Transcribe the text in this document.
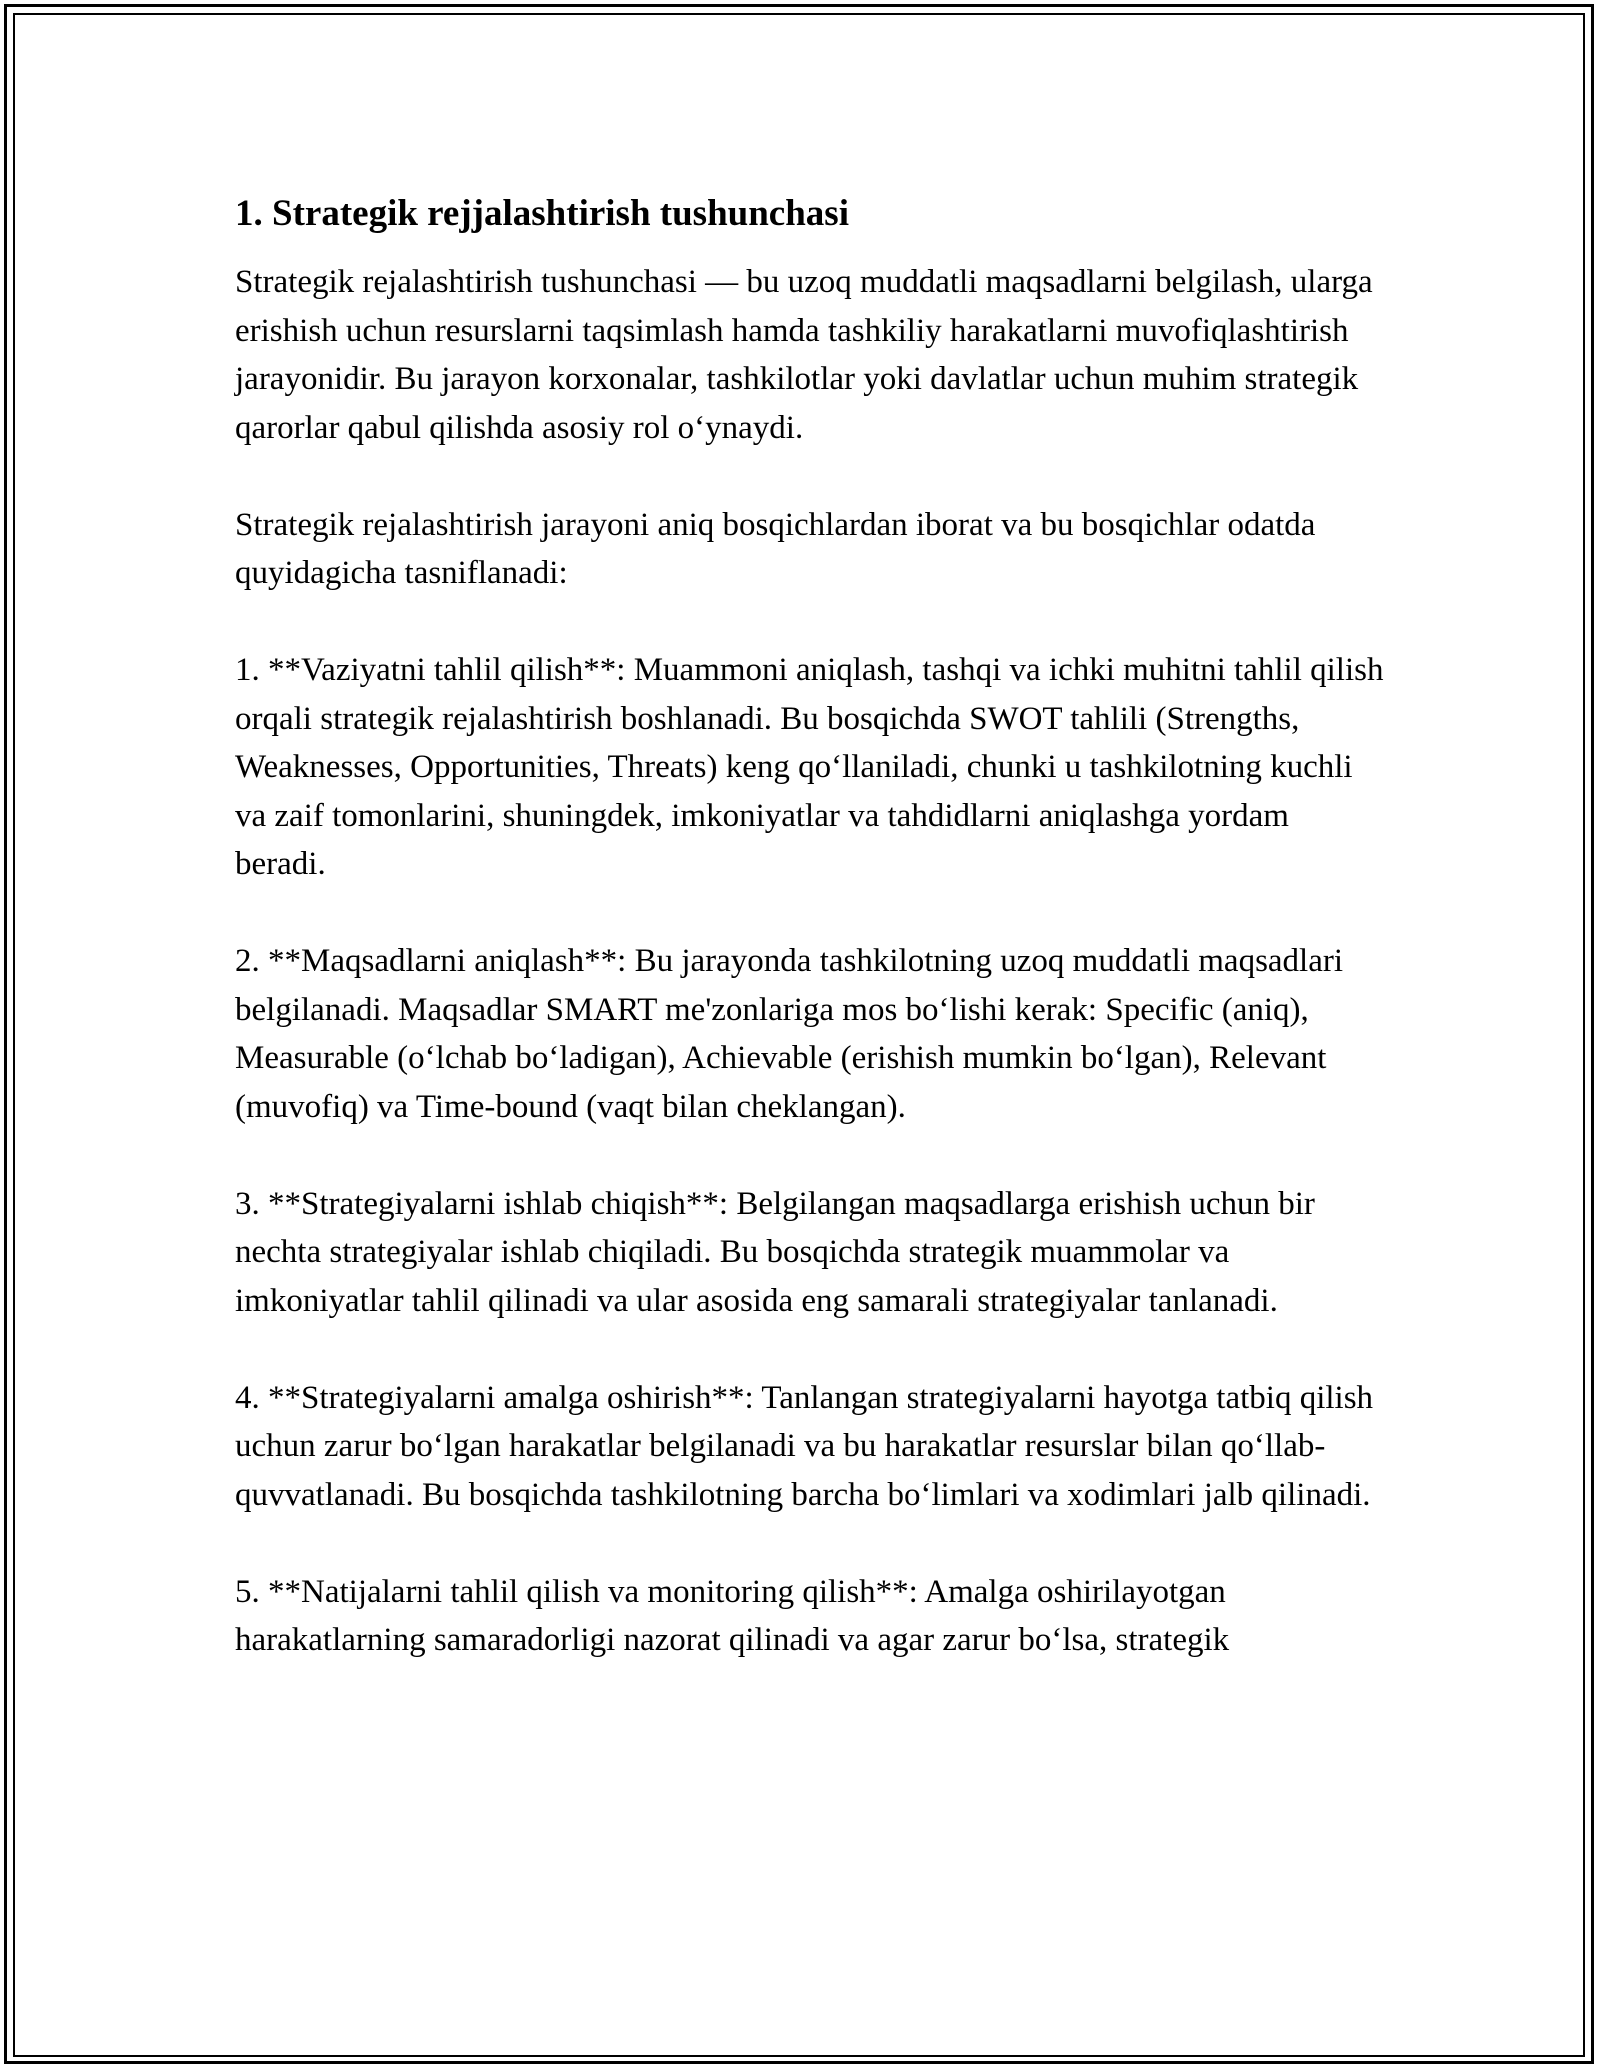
1. Strategik rejjalashtirish tushunchasi

Strategik rejalashtirish tushunchasi — bu uzoq muddatli maqsadlarni belgilash, ularga erishish uchun resurslarni taqsimlash hamda tashkiliy harakatlarni muvofiqlashtirish jarayonidir. Bu jarayon korxonalar, tashkilotlar yoki davlatlar uchun muhim strategik qarorlar qabul qilishda asosiy rol oʻynaydi.

Strategik rejalashtirish jarayoni aniq bosqichlardan iborat va bu bosqichlar odatda quyidagicha tasniflanadi:

1. **Vaziyatni tahlil qilish**: Muammoni aniqlash, tashqi va ichki muhitni tahlil qilish orqali strategik rejalashtirish boshlanadi. Bu bosqichda SWOT tahlili (Strengths, Weaknesses, Opportunities, Threats) keng qoʻllaniladi, chunki u tashkilotning kuchli va zaif tomonlarini, shuningdek, imkoniyatlar va tahdidlarni aniqlashga yordam beradi.

2. **Maqsadlarni aniqlash**: Bu jarayonda tashkilotning uzoq muddatli maqsadlari belgilanadi. Maqsadlar SMART me'zonlariga mos boʻlishi kerak: Specific (aniq), Measurable (oʻlchab boʻladigan), Achievable (erishish mumkin boʻlgan), Relevant (muvofiq) va Time-bound (vaqt bilan cheklangan).

3. **Strategiyalarni ishlab chiqish**: Belgilangan maqsadlarga erishish uchun bir nechta strategiyalar ishlab chiqiladi. Bu bosqichda strategik muammolar va imkoniyatlar tahlil qilinadi va ular asosida eng samarali strategiyalar tanlanadi.

4. **Strategiyalarni amalga oshirish**: Tanlangan strategiyalarni hayotga tatbiq qilish uchun zarur boʻlgan harakatlar belgilanadi va bu harakatlar resurslar bilan qoʻllab-quvvatlanadi. Bu bosqichda tashkilotning barcha boʻlimlari va xodimlari jalb qilinadi.

5. **Natijalarni tahlil qilish va monitoring qilish**: Amalga oshirilayotgan harakatlarning samaradorligi nazorat qilinadi va agar zarur boʻlsa, strategik
